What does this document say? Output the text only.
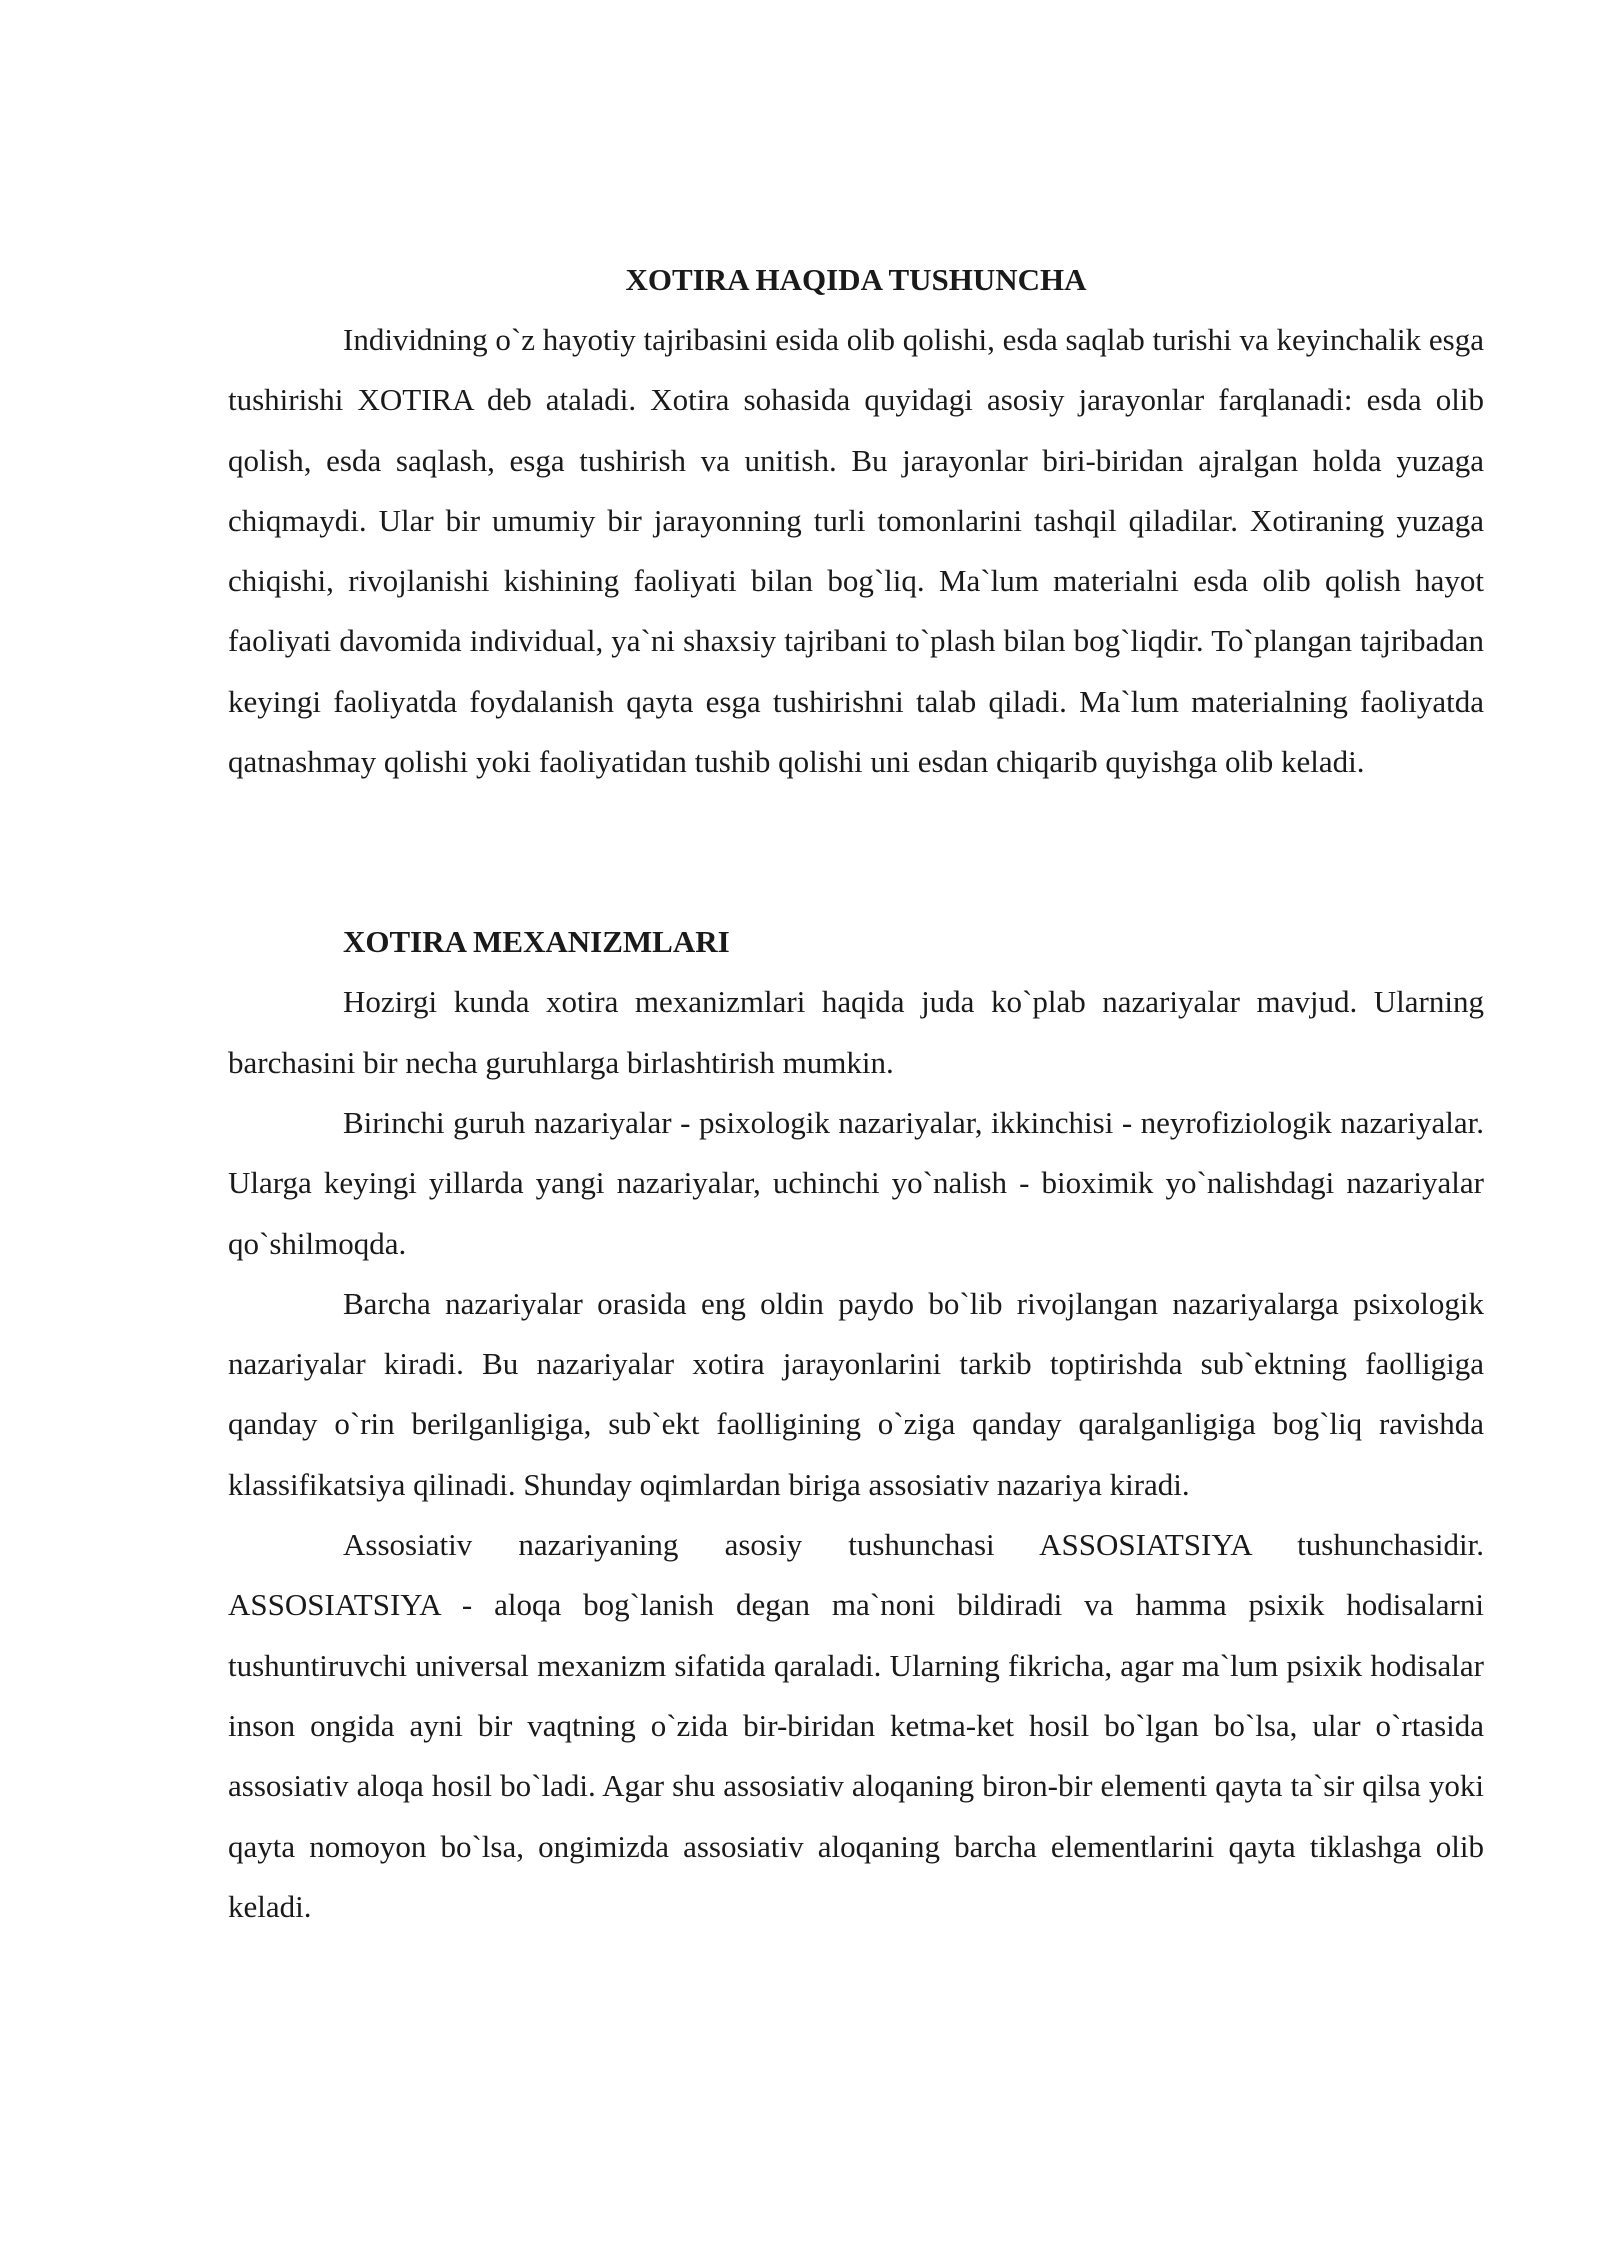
XOTIRA HAQIDA TUSHUNCHA

Individning o`z hayotiy tajribasini esida olib qolishi, esda saqlab turishi va keyinchalik esga tushirishi XOTIRA deb ataladi. Xotira sohasida quyidagi asosiy jarayonlar farqlanadi: esda olib qolish, esda saqlash, esga tushirish va unitish. Bu jarayonlar biri-biridan ajralgan holda yuzaga chiqmaydi. Ular bir umumiy bir jarayonning turli tomonlarini tashqil qiladilar. Xotiraning yuzaga chiqishi, rivojlanishi kishining faoliyati bilan bog`liq. Ma`lum materialni esda olib qolish hayot faoliyati davomida individual, ya`ni shaxsiy tajribani to`plash bilan bog`liqdir. To`plangan tajribadan keyingi faoliyatda foydalanish qayta esga tushirishni talab qiladi. Ma`lum materialning faoliyatda qatnashmay qolishi yoki faoliyatidan tushib qolishi uni esdan chiqarib quyishga olib keladi.

XOTIRA MEXANIZMLARI

Hozirgi kunda xotira mexanizmlari haqida juda ko`plab nazariyalar mavjud. Ularning barchasini bir necha guruhlarga birlashtirish mumkin.

Birinchi guruh nazariyalar - psixologik nazariyalar, ikkinchisi - neyrofiziologik nazariyalar. Ularga keyingi yillarda yangi nazariyalar, uchinchi yo`nalish - bioximik yo`nalishdagi nazariyalar qo`shilmoqda.

Barcha nazariyalar orasida eng oldin paydo bo`lib rivojlangan nazariyalarga psixologik nazariyalar kiradi. Bu nazariyalar xotira jarayonlarini tarkib toptirishda sub`ektning faolligiga qanday o`rin berilganligiga, sub`ekt faolligining o`ziga qanday qaralganligiga bog`liq ravishda klassifikatsiya qilinadi. Shunday oqimlardan biriga assosiativ nazariya kiradi.

Assosiativ nazariyaning asosiy tushunchasi ASSOSIATSIYA tushunchasidir. ASSOSIATSIYA - aloqa bog`lanish degan ma`noni bildiradi va hamma psixik hodisalarni tushuntiruvchi universal mexanizm sifatida qaraladi. Ularning fikricha, agar ma`lum psixik hodisalar inson ongida ayni bir vaqtning o`zida bir-biridan ketma-ket hosil bo`lgan bo`lsa, ular o`rtasida assosiativ aloqa hosil bo`ladi. Agar shu assosiativ aloqaning biron-bir elementi qayta ta`sir qilsa yoki qayta nomoyon bo`lsa, ongimizda assosiativ aloqaning barcha elementlarini qayta tiklashga olib keladi.
